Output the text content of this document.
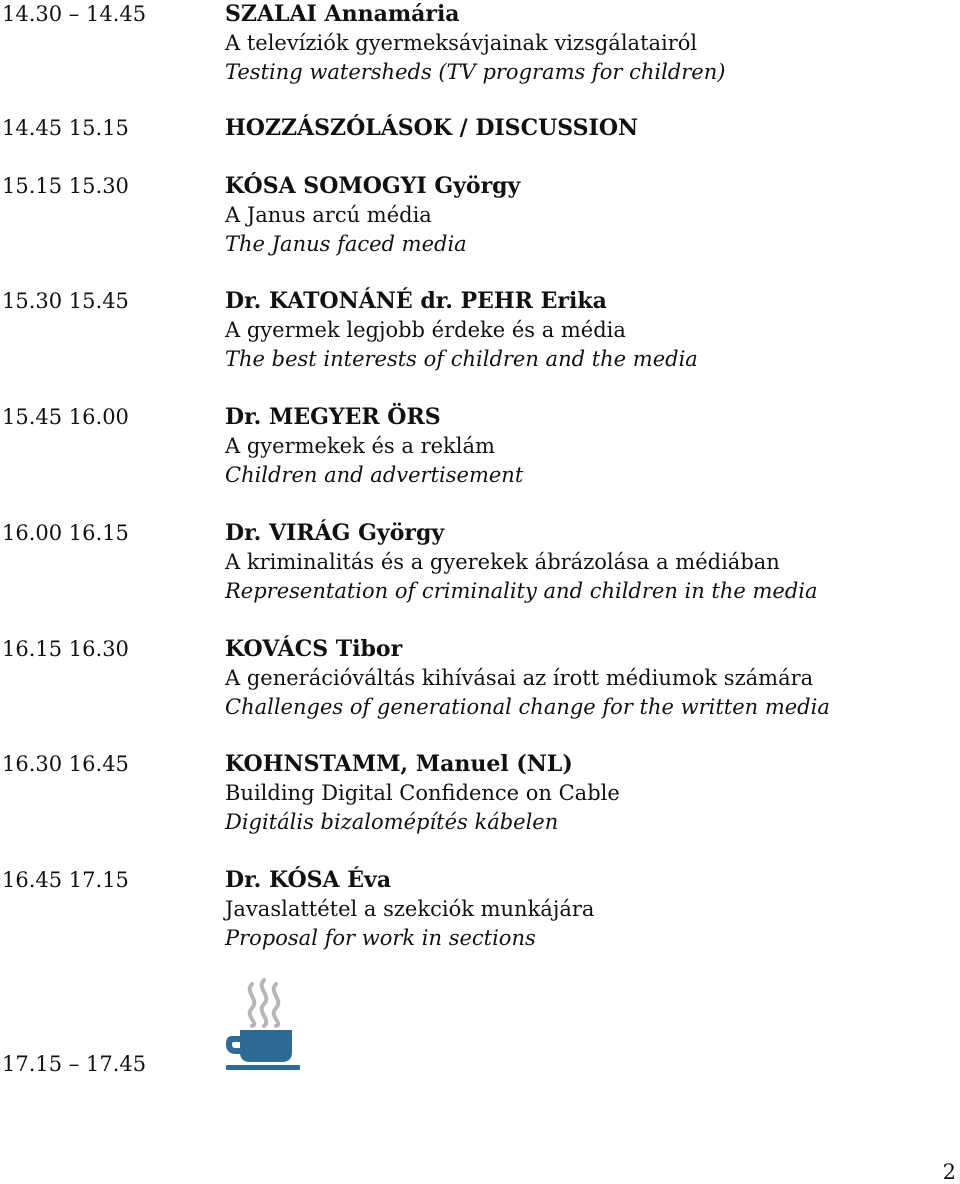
14.30 – 14.45	SZALAI Annamária
A televíziók gyermeksávjainak vizsgálatairól
Testing watersheds (TV programs for children)
14.45 15.15	HOZZÁSZÓLÁSOK / DISCUSSION
15.15 15.30	KÓSA SOMOGYI György
A Janus arcú média
The Janus faced media
15.30 15.45	Dr. KATONÁNÉ dr. PEHR Erika
A gyermek legjobb érdeke és a média
The best interests of children and the media
15.45 16.00	Dr. MEGYER ÖRS
A gyermekek és a reklám
Children and advertisement
16.00 16.15	Dr. VIRÁG György
A kriminalitás és a gyerekek ábrázolása a médiában
Representation of criminality and children in the media
16.15 16.30	KOVÁCS Tibor
A generációváltás kihívásai az írott médiumok számára
Challenges of generational change for the written media
16.30 16.45	KOHNSTAMM, Manuel (NL)
Building Digital Confidence on Cable
Digitális bizalomépítés kábelen
16.45 17.15	Dr. KÓSA Éva
Javaslattétel a szekciók munkájára
Proposal for work in sections
17.15 – 17.45
2
